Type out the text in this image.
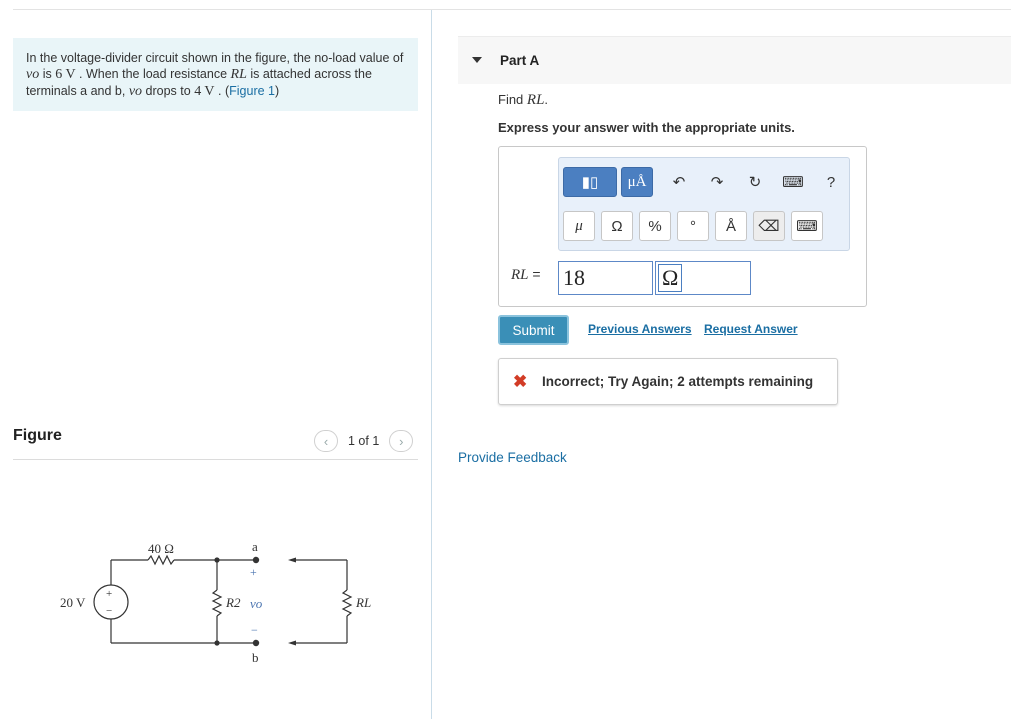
In the voltage-divider circuit shown in the figure, the no-load value of vo is 6 V . When the load resistance RL is attached across the terminals a and b, vo drops to 4 V . (Figure 1)
Figure	‹ 1 of 1 ›
40 Ω
20 V
+
−
R2 vo
+
−
a
b
RL
Part A
Find RL.
Express your answer with the appropriate units.
▮▯ μÅ ↶ ↷ ↻ ⌨ ?
μ Ω % ° Å ⌫ ⌨
RL = 18	Ω
Submit	Previous Answers Request Answer
✖ Incorrect; Try Again; 2 attempts remaining
Provide Feedback
